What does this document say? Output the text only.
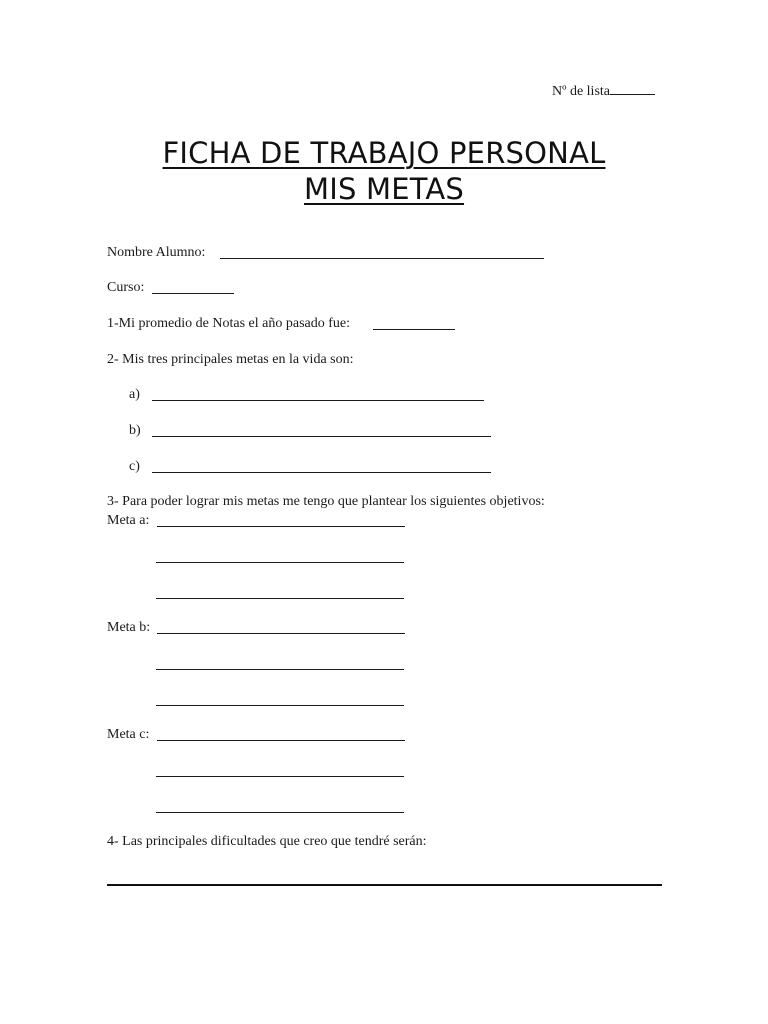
Nº de lista
FICHA DE TRABAJO PERSONAL
MIS METAS
Nombre Alumno:
Curso:
1-Mi promedio de Notas el año pasado fue:
2- Mis tres principales metas en la vida son:
a)
b)
c)
3- Para poder lograr mis metas me tengo que plantear los siguientes objetivos:
Meta a:
Meta b:
Meta c:
4- Las principales dificultades que creo que tendré serán:
